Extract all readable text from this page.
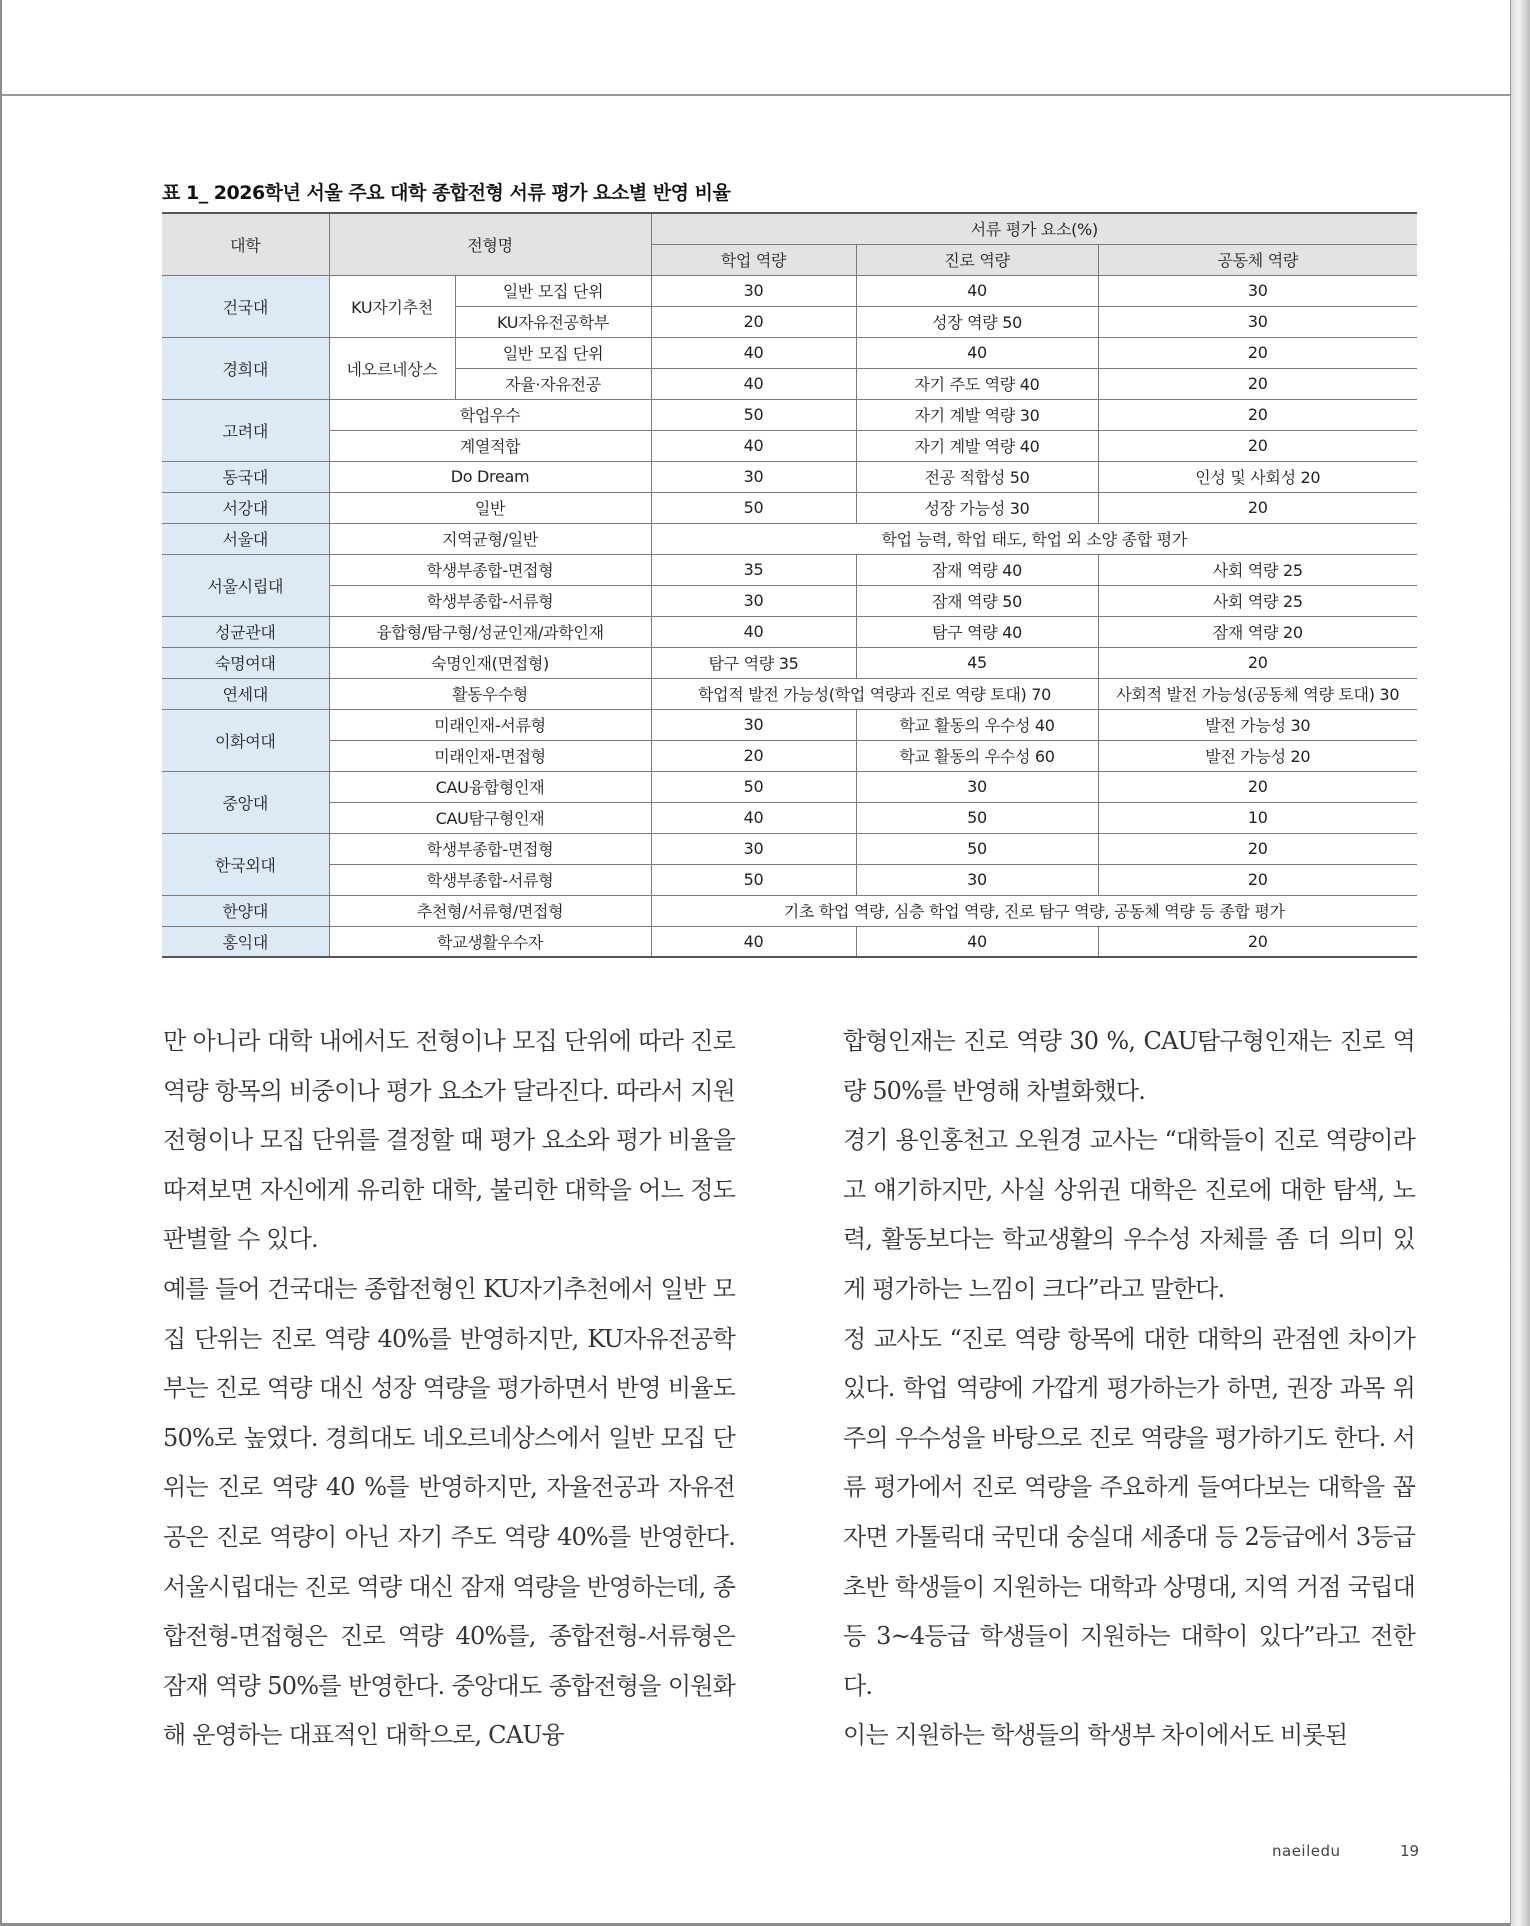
표 1_ 2026학년 서울 주요 대학 종합전형 서류 평가 요소별 반영 비율
대학	전형명		서류 평가 요소(%)		
			학업 역량	진로 역량	공동체 역량
건국대	KU자기추천	일반 모집 단위	30	40	30
		KU자유전공학부	20	성장 역량 50	30
경희대	네오르네상스	일반 모집 단위	40	40	20
		자율·자유전공	40	자기 주도 역량 40	20
고려대	학업우수		50	자기 계발 역량 30	20
	계열적합		40	자기 계발 역량 40	20
동국대	Do Dream		30	전공 적합성 50	인성 및 사회성 20
서강대	일반		50	성장 가능성 30	20
서울대	지역균형/일반		학업 능력, 학업 태도, 학업 외 소양 종합 평가		
서울시립대	학생부종합-면접형		35	잠재 역량 40	사회 역량 25
	학생부종합-서류형		30	잠재 역량 50	사회 역량 25
성균관대	융합형/탐구형/성균인재/과학인재		40	탐구 역량 40	잠재 역량 20
숙명여대	숙명인재(면접형)		탐구 역량 35	45	20
연세대	활동우수형		학업적 발전 가능성(학업 역량과 진로 역량 토대) 70		사회적 발전 가능성(공동체 역량 토대) 30
이화여대	미래인재-서류형		30	학교 활동의 우수성 40	발전 가능성 30
	미래인재-면접형		20	학교 활동의 우수성 60	발전 가능성 20
중앙대	CAU융합형인재		50	30	20
	CAU탐구형인재		40	50	10
한국외대	학생부종합-면접형		30	50	20
	학생부종합-서류형		50	30	20
한양대	추천형/서류형/면접형		기초 학업 역량, 심층 학업 역량, 진로 탐구 역량, 공동체 역량 등 종합 평가		
홍익대	학교생활우수자		40	40	20

만 아니라 대학 내에서도 전형이나 모집 단위에 따라 진로 역량 항목의 비중이나 평가 요소가 달라진다. 따라서 지원 전형이나 모집 단위를 결정할 때 평가 요소와 평가 비율을 따져보면 자신에게 유리한 대학, 불리한 대학을 어느 정도 판별할 수 있다.

예를 들어 건국대는 종합전형인 KU자기추천에서 일반 모집 단위는 진로 역량 40%를 반영하지만, KU자유전공학부는 진로 역량 대신 성장 역량을 평가하면서 반영 비율도 50%로 높였다. 경희대도 네오르네상스에서 일반 모집 단위는 진로 역량 40 %를 반영하지만, 자율전공과 자유전공은 진로 역량이 아닌 자기 주도 역량 40%를 반영한다. 서울시립대는 진로 역량 대신 잠재 역량을 반영하는데, 종합전형-면접형은 진로 역량 40%를, 종합전형-서류형은 잠재 역량 50%를 반영한다. 중앙대도 종합전형을 이원화해 운영하는 대표적인 대학으로, CAU융

합형인재는 진로 역량 30 %, CAU탐구형인재는 진로 역량 50%를 반영해 차별화했다.

경기 용인홍천고 오원경 교사는 “대학들이 진로 역량이라고 얘기하지만, 사실 상위권 대학은 진로에 대한 탐색, 노력, 활동보다는 학교생활의 우수성 자체를 좀 더 의미 있게 평가하는 느낌이 크다”라고 말한다.

정 교사도 “진로 역량 항목에 대한 대학의 관점엔 차이가 있다. 학업 역량에 가깝게 평가하는가 하면, 권장 과목 위주의 우수성을 바탕으로 진로 역량을 평가하기도 한다. 서류 평가에서 진로 역량을 주요하게 들여다보는 대학을 꼽자면 가톨릭대 국민대 숭실대 세종대 등 2등급에서 3등급 초반 학생들이 지원하는 대학과 상명대, 지역 거점 국립대 등 3~4등급 학생들이 지원하는 대학이 있다”라고 전한다.

이는 지원하는 학생들의 학생부 차이에서도 비롯된

naeiledu	19
